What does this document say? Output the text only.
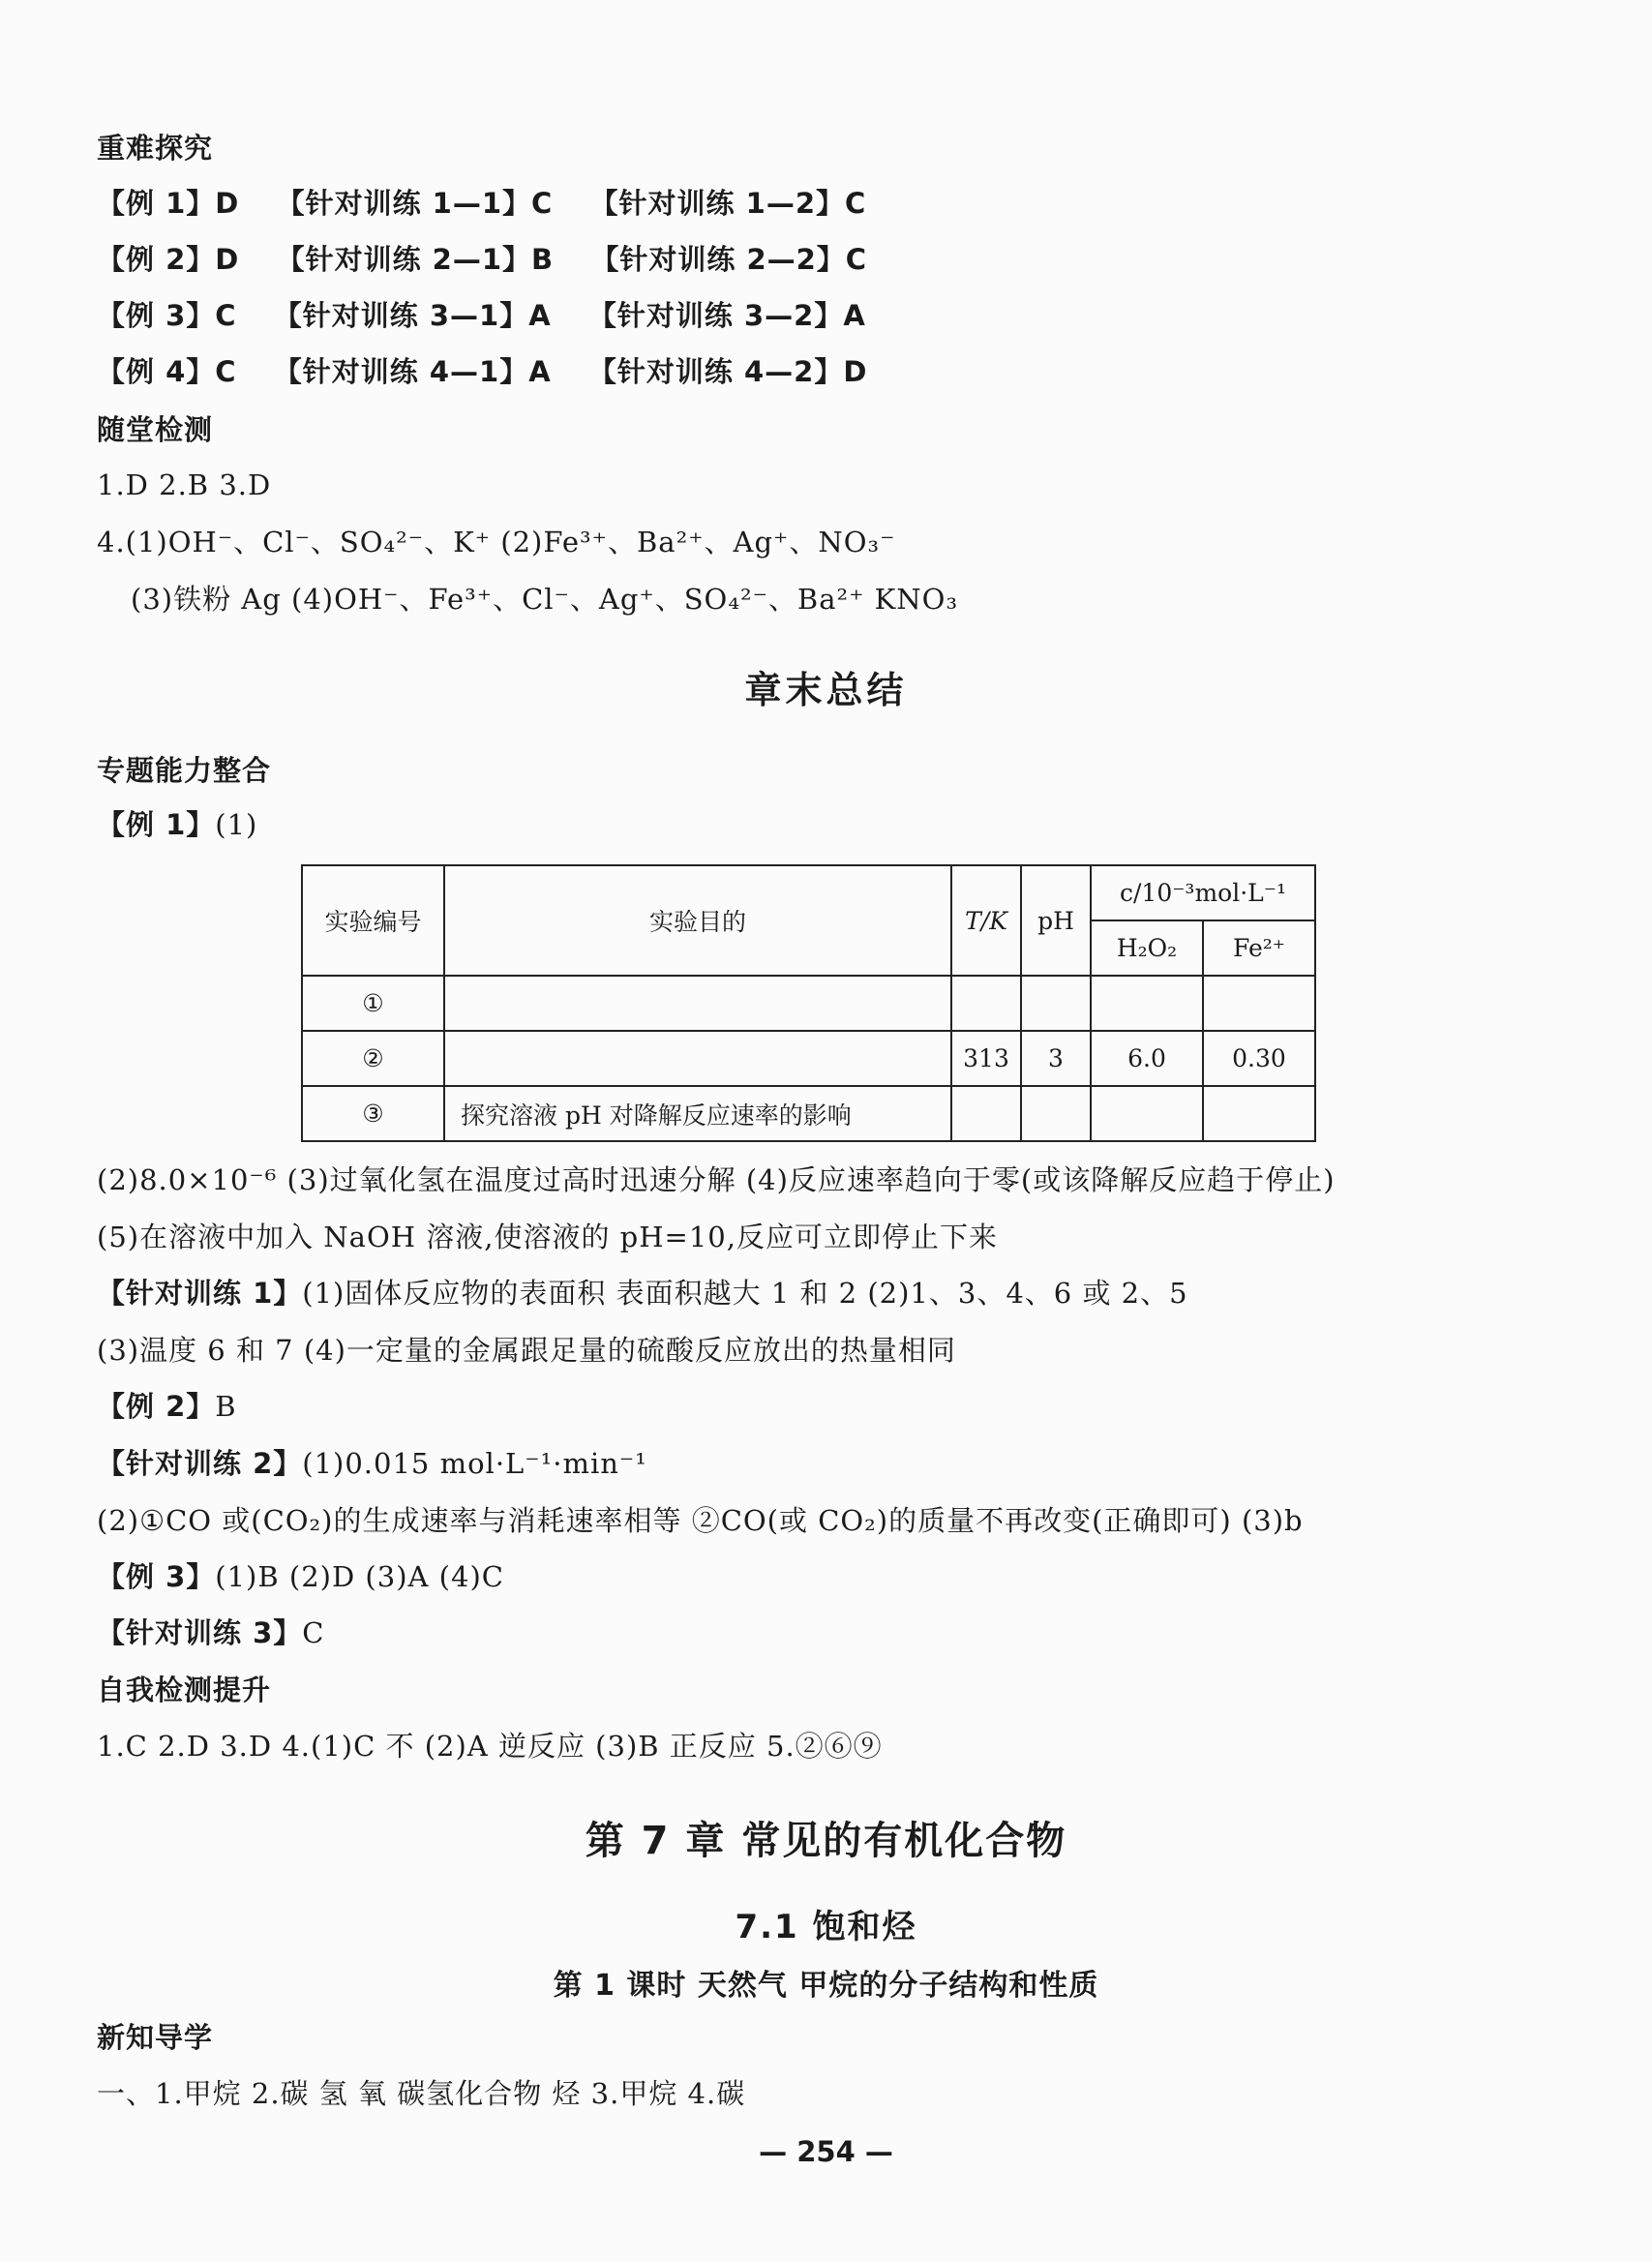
重难探究
【例 1】D 【针对训练 1—1】C 【针对训练 1—2】C
【例 2】D 【针对训练 2—1】B 【针对训练 2—2】C
【例 3】C 【针对训练 3—1】A 【针对训练 3—2】A
【例 4】C 【针对训练 4—1】A 【针对训练 4—2】D
随堂检测
1.D 2.B 3.D
4.(1)OH⁻、Cl⁻、SO₄²⁻、K⁺ (2)Fe³⁺、Ba²⁺、Ag⁺、NO₃⁻
(3)铁粉 Ag (4)OH⁻、Fe³⁺、Cl⁻、Ag⁺、SO₄²⁻、Ba²⁺ KNO₃
章末总结
专题能力整合
【例 1】(1)
实验编号	实验目的	T/K	pH	c/10⁻³mol·L⁻¹	
				H₂O₂	Fe²⁺
①					
②		313	3	6.0	0.30
③	探究溶液 pH 对降解反应速率的影响				
(2)8.0×10⁻⁶ (3)过氧化氢在温度过高时迅速分解 (4)反应速率趋向于零(或该降解反应趋于停止)
(5)在溶液中加入 NaOH 溶液,使溶液的 pH=10,反应可立即停止下来
【针对训练 1】(1)固体反应物的表面积 表面积越大 1 和 2 (2)1、3、4、6 或 2、5
(3)温度 6 和 7 (4)一定量的金属跟足量的硫酸反应放出的热量相同
【例 2】B
【针对训练 2】(1)0.015 mol·L⁻¹·min⁻¹
(2)①CO 或(CO₂)的生成速率与消耗速率相等 ②CO(或 CO₂)的质量不再改变(正确即可) (3)b
【例 3】(1)B (2)D (3)A (4)C
【针对训练 3】C
自我检测提升
1.C 2.D 3.D 4.(1)C 不 (2)A 逆反应 (3)B 正反应 5.②⑥⑨
第 7 章 常见的有机化合物
7.1 饱和烃
第 1 课时 天然气 甲烷的分子结构和性质
新知导学
一、1.甲烷 2.碳 氢 氧 碳氢化合物 烃 3.甲烷 4.碳
— 254 —
